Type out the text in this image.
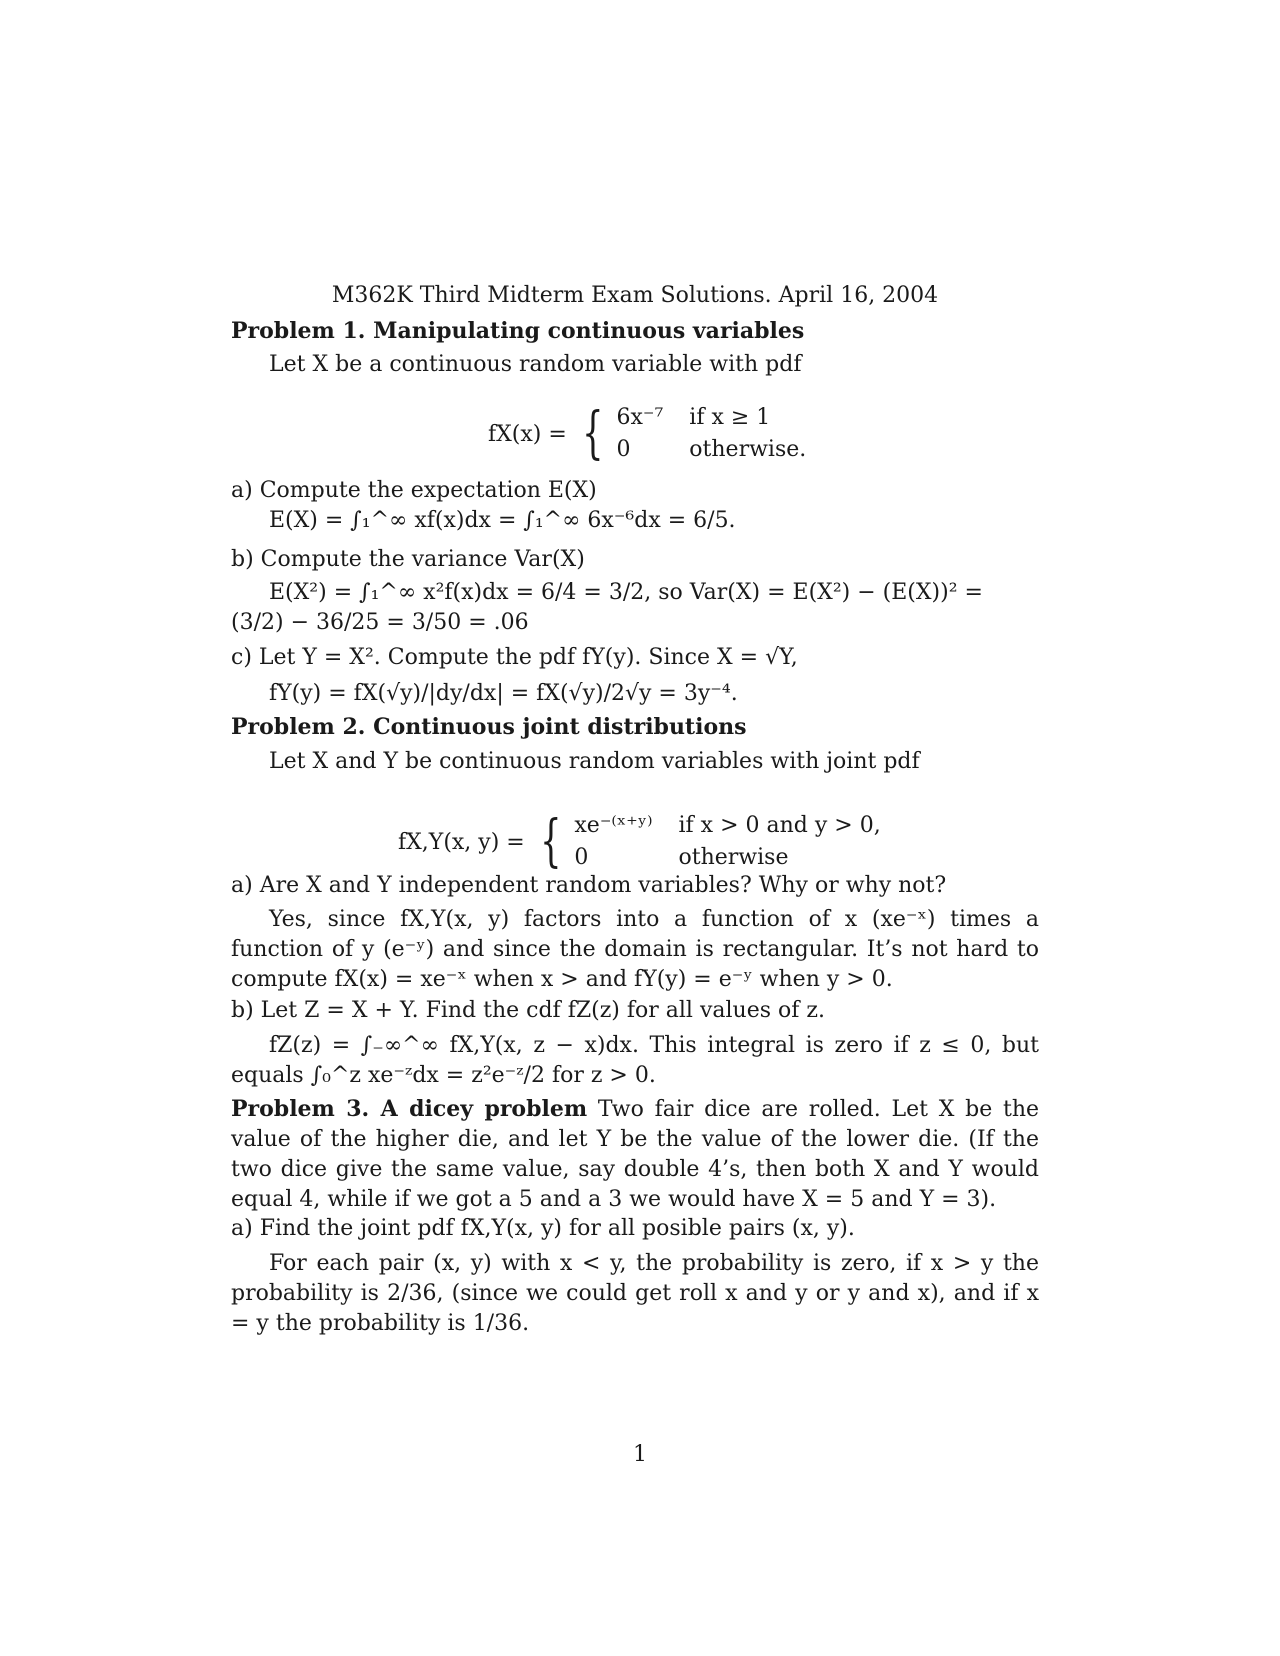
M362K Third Midterm Exam Solutions. April 16, 2004
Problem 1. Manipulating continuous variables
Let X be a continuous random variable with pdf
fX(x) = { 6x⁻⁷ if x ≥ 1
0	otherwise.
a) Compute the expectation E(X)
E(X) = ∫₁^∞ xf(x)dx = ∫₁^∞ 6x⁻⁶dx = 6/5.
b) Compute the variance Var(X)
E(X²) = ∫₁^∞ x²f(x)dx = 6/4 = 3/2, so Var(X) = E(X²) − (E(X))² =
(3/2) − 36/25 = 3/50 = .06
c) Let Y = X². Compute the pdf fY(y). Since X = √Y,
fY(y) = fX(√y)/|dy/dx| = fX(√y)/2√y = 3y⁻⁴.
Problem 2. Continuous joint distributions
Let X and Y be continuous random variables with joint pdf
fX,Y(x, y) = { xe⁻⁽ˣ⁺ʸ⁾ if x > 0 and y > 0,
0	otherwise
a) Are X and Y independent random variables? Why or why not?
Yes, since fX,Y(x, y) factors into a function of x (xe⁻ˣ) times a function of y (e⁻ʸ) and since the domain is rectangular. It’s not hard to compute fX(x) = xe⁻ˣ when x > and fY(y) = e⁻ʸ when y > 0.
b) Let Z = X + Y. Find the cdf fZ(z) for all values of z.
fZ(z) = ∫₋∞^∞ fX,Y(x, z − x)dx. This integral is zero if z ≤ 0, but equals ∫₀^z xe⁻ᶻdx = z²e⁻ᶻ/2 for z > 0.
Problem 3. A dicey problem Two fair dice are rolled. Let X be the value of the higher die, and let Y be the value of the lower die. (If the two dice give the same value, say double 4’s, then both X and Y would equal 4, while if we got a 5 and a 3 we would have X = 5 and Y = 3).
a) Find the joint pdf fX,Y(x, y) for all posible pairs (x, y).
For each pair (x, y) with x < y, the probability is zero, if x > y the probability is 2/36, (since we could get roll x and y or y and x), and if x = y the probability is 1/36.
1
